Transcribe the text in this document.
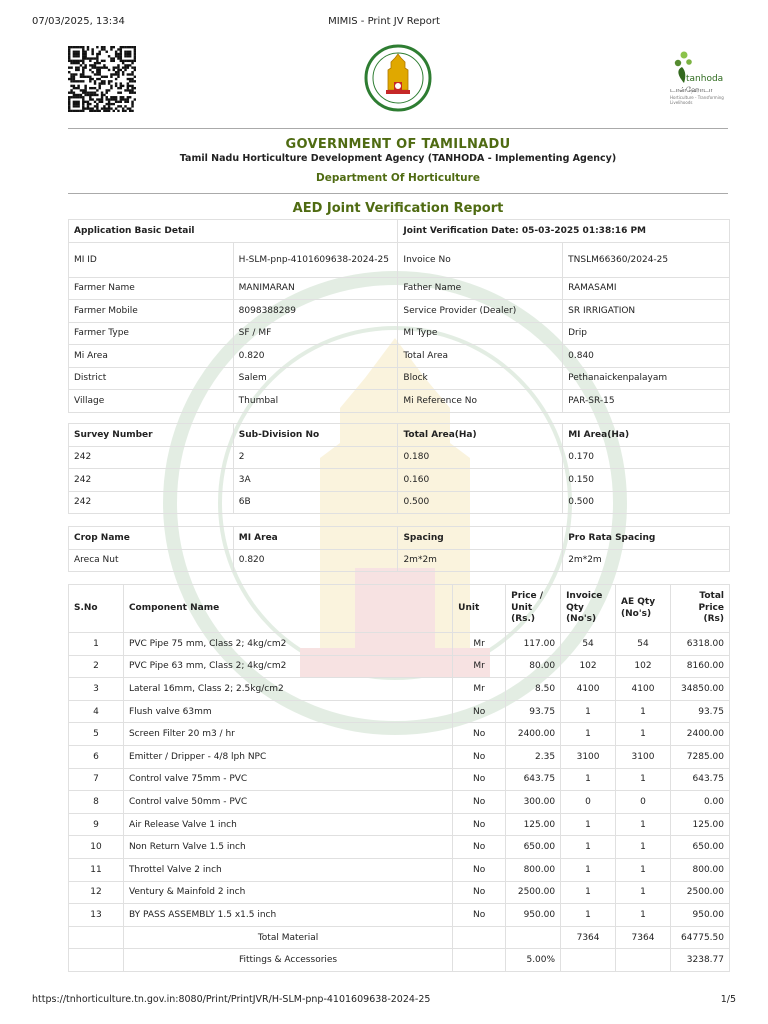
07/03/2025, 13:34	MIMIS - Print JV Report
tanhoda
டான்ஹோடா
Horticulture - Transforming Livelihoods
GOVERNMENT OF TAMILNADU
Tamil Nadu Horticulture Development Agency (TANHODA - Implementing Agency)
Department Of Horticulture
AED Joint Verification Report
Application Basic Detail		Joint Verification Date: 05-03-2025 01:38:16 PM	
MI ID	H-SLM-pnp-4101609638-2024-25	Invoice No	TNSLM66360/2024-25
Farmer Name	MANIMARAN	Father Name	RAMASAMI
Farmer Mobile	8098388289	Service Provider (Dealer)	SR IRRIGATION
Farmer Type	SF / MF	MI Type	Drip
Mi Area	0.820	Total Area	0.840
District	Salem	Block	Pethanaickenpalayam
Village	Thumbal	Mi Reference No	PAR-SR-15
Survey Number	Sub-Division No	Total Area(Ha)	MI Area(Ha)
242	2	0.180	0.170
242	3A	0.160	0.150
242	6B	0.500	0.500
Crop Name	MI Area	Spacing	Pro Rata Spacing
Areca Nut	0.820	2m*2m	2m*2m
S.No	Component Name	Unit	Price / Unit (Rs.)	Invoice Qty (No's)	AE Qty (No's)	Total Price (Rs)
1	PVC Pipe 75 mm, Class 2; 4kg/cm2	Mr	117.00	54	54	6318.00
2	PVC Pipe 63 mm, Class 2; 4kg/cm2	Mr	80.00	102	102	8160.00
3	Lateral 16mm, Class 2; 2.5kg/cm2	Mr	8.50	4100	4100	34850.00
4	Flush valve 63mm	No	93.75	1	1	93.75
5	Screen Filter 20 m3 / hr	No	2400.00	1	1	2400.00
6	Emitter / Dripper - 4/8 lph NPC	No	2.35	3100	3100	7285.00
7	Control valve 75mm - PVC	No	643.75	1	1	643.75
8	Control valve 50mm - PVC	No	300.00	0	0	0.00
9	Air Release Valve 1 inch	No	125.00	1	1	125.00
10	Non Return Valve 1.5 inch	No	650.00	1	1	650.00
11	Throttel Valve 2 inch	No	800.00	1	1	800.00
12	Ventury & Mainfold 2 inch	No	2500.00	1	1	2500.00
13	BY PASS ASSEMBLY 1.5 x1.5 inch	No	950.00	1	1	950.00
	Total Material			7364	7364	64775.50
	Fittings & Accessories		5.00%			3238.77
https://tnhorticulture.tn.gov.in:8080/Print/PrintJVR/H-SLM-pnp-4101609638-2024-25	1/5
